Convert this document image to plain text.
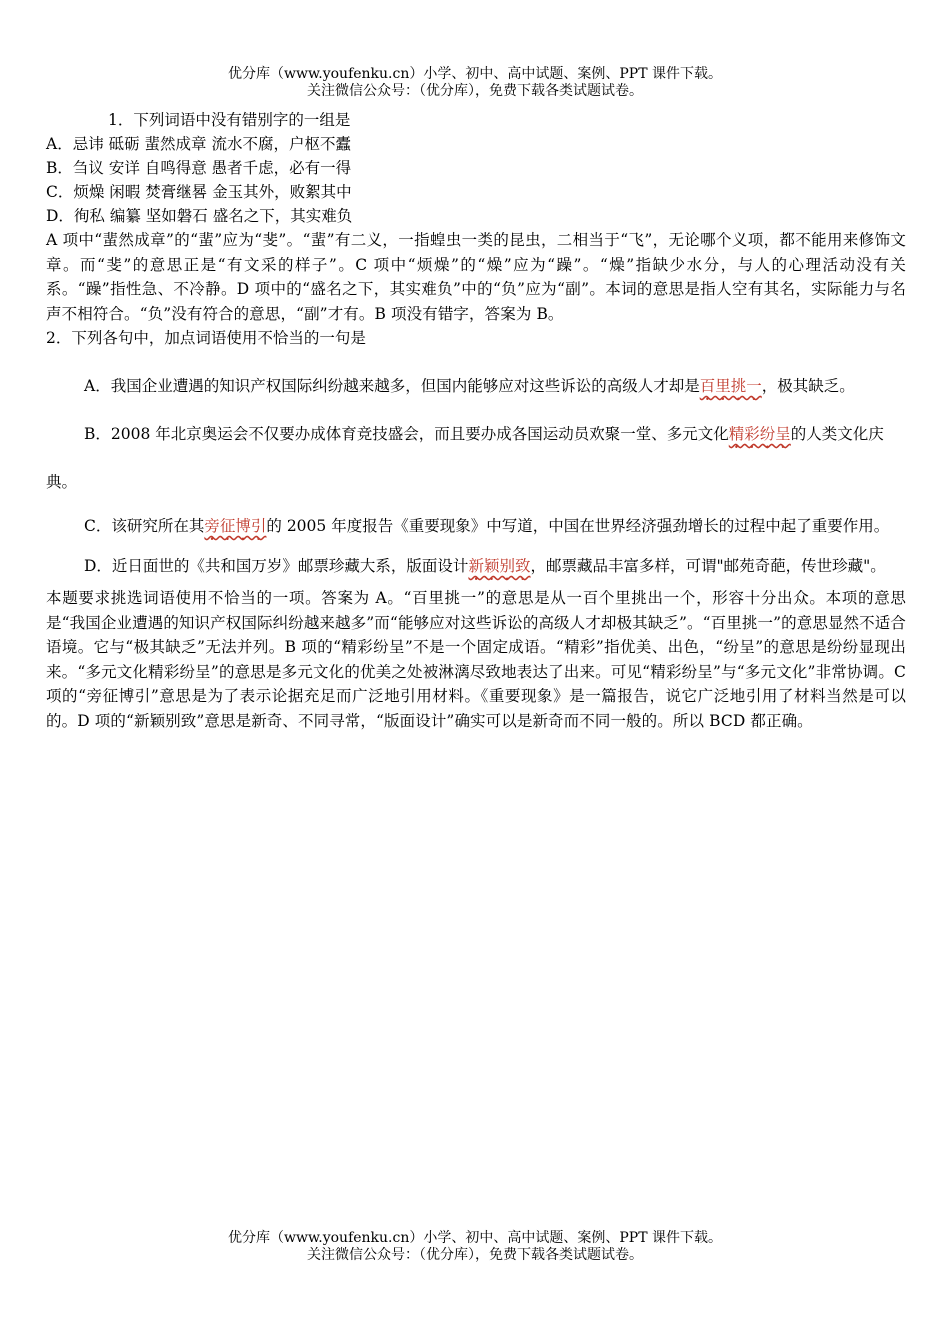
优分库（www.youfenku.cn）小学、初中、高中试题、案例、PPT 课件下载。
关注微信公众号：（优分库），免费下载各类试题试卷。
1．下列词语中没有错别字的一组是
A．忌讳 砥砺 蜚然成章 流水不腐，户枢不蠹
B．刍议 安详 自鸣得意 愚者千虑，必有一得
C．烦燥 闲暇 焚膏继晷 金玉其外，败絮其中
D．徇私 编纂 坚如磐石 盛名之下，其实难负
A 项中“蜚然成章”的“蜚”应为“斐”。“蜚”有二义，一指蝗虫一类的昆虫，二相当于“飞”，无论哪个义项，都不能用来修饰文章。而“斐”的意思正是“有文采的样子”。C 项中“烦燥”的“燥”应为“躁”。“燥”指缺少水分，与人的心理活动没有关系。“躁”指性急、不冷静。D 项中的“盛名之下，其实难负”中的“负”应为“副”。本词的意思是指人空有其名，实际能力与名声不相符合。“负”没有符合的意思，“副”才有。B 项没有错字，答案为 B。
2．下列各句中，加点词语使用不恰当的一句是
A．我国企业遭遇的知识产权国际纠纷越来越多，但国内能够应对这些诉讼的高级人才却是百里挑一，极其缺乏。
B．2008 年北京奥运会不仅要办成体育竞技盛会，而且要办成各国运动员欢聚一堂、多元文化精彩纷呈的人类文化庆典。
C．该研究所在其旁征博引的 2005 年度报告《重要现象》中写道，中国在世界经济强劲增长的过程中起了重要作用。
D．近日面世的《共和国万岁》邮票珍藏大系，版面设计新颖别致，邮票藏品丰富多样，可谓"邮苑奇葩，传世珍藏"。
本题要求挑选词语使用不恰当的一项。答案为 A。“百里挑一”的意思是从一百个里挑出一个，形容十分出众。本项的意思是“我国企业遭遇的知识产权国际纠纷越来越多”而“能够应对这些诉讼的高级人才却极其缺乏”。“百里挑一”的意思显然不适合语境。它与“极其缺乏”无法并列。B 项的“精彩纷呈”不是一个固定成语。“精彩”指优美、出色，“纷呈”的意思是纷纷显现出来。“多元文化精彩纷呈”的意思是多元文化的优美之处被淋漓尽致地表达了出来。可见“精彩纷呈”与“多元文化”非常协调。C 项的“旁征博引”意思是为了表示论据充足而广泛地引用材料。《重要现象》是一篇报告，说它广泛地引用了材料当然是可以的。D 项的“新颖别致”意思是新奇、不同寻常，“版面设计”确实可以是新奇而不同一般的。所以 BCD 都正确。
优分库（www.youfenku.cn）小学、初中、高中试题、案例、PPT 课件下载。
关注微信公众号：（优分库），免费下载各类试题试卷。
